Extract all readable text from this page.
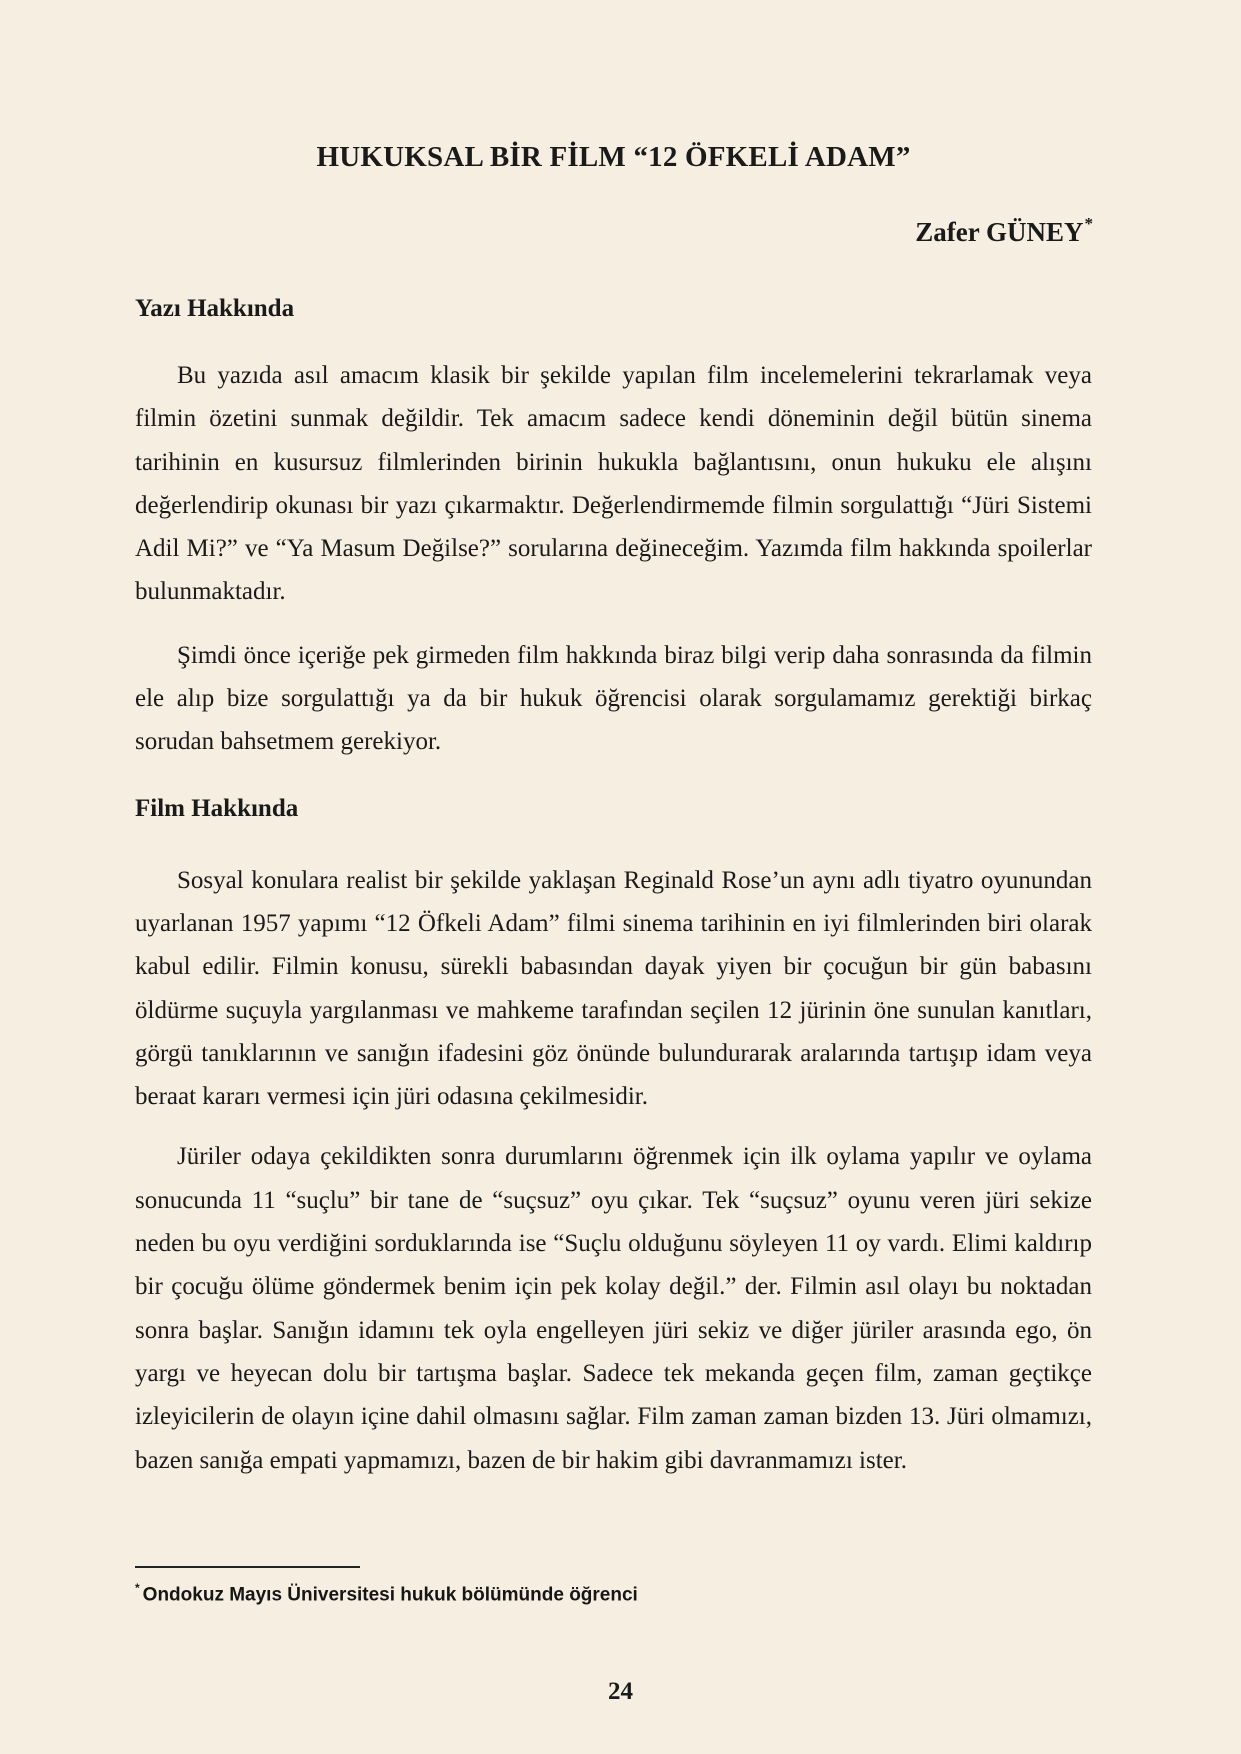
HUKUKSAL BİR FİLM “12 ÖFKELİ ADAM”
Zafer GÜNEY*
Yazı Hakkında

Bu yazıda asıl amacım klasik bir şekilde yapılan film incelemelerini tekrarlamak veya filmin özetini sunmak değildir. Tek amacım sadece kendi döneminin değil bütün sinema tarihinin en kusursuz filmlerinden birinin hukukla bağlantısını, onun hukuku ele alışını değerlendirip okunası bir yazı çıkarmaktır. Değerlendirmemde filmin sorgulattığı “Jüri Sistemi Adil Mi?” ve “Ya Masum Değilse?” sorularına değineceğim. Yazımda film hakkında spoilerlar bulunmaktadır.

Şimdi önce içeriğe pek girmeden film hakkında biraz bilgi verip daha sonrasında da filmin ele alıp bize sorgulattığı ya da bir hukuk öğrencisi olarak sorgulamamız gerektiği birkaç sorudan bahsetmem gerekiyor.

Film Hakkında

Sosyal konulara realist bir şekilde yaklaşan Reginald Rose’un aynı adlı tiyatro oyunundan uyarlanan 1957 yapımı “12 Öfkeli Adam” filmi sinema tarihinin en iyi filmlerinden biri olarak kabul edilir. Filmin konusu, sürekli babasından dayak yiyen bir çocuğun bir gün babasını öldürme suçuyla yargılanması ve mahkeme tarafından seçilen 12 jürinin öne sunulan kanıtları, görgü tanıklarının ve sanığın ifadesini göz önünde bulundurarak aralarında tartışıp idam veya beraat kararı vermesi için jüri odasına çekilmesidir.

Jüriler odaya çekildikten sonra durumlarını öğrenmek için ilk oylama yapılır ve oylama sonucunda 11 “suçlu” bir tane de “suçsuz” oyu çıkar. Tek “suçsuz” oyunu veren jüri sekize neden bu oyu verdiğini sorduklarında ise “Suçlu olduğunu söyleyen 11 oy vardı. Elimi kaldırıp bir çocuğu ölüme göndermek benim için pek kolay değil.” der. Filmin asıl olayı bu noktadan sonra başlar. Sanığın idamını tek oyla engelleyen jüri sekiz ve diğer jüriler arasında ego, ön yargı ve heyecan dolu bir tartışma başlar. Sadece tek mekanda geçen film, zaman geçtikçe izleyicilerin de olayın içine dahil olmasını sağlar. Film zaman zaman bizden 13. Jüri olmamızı, bazen sanığa empati yapmamızı, bazen de bir hakim gibi davranmamızı ister.

* Ondokuz Mayıs Üniversitesi hukuk bölümünde öğrenci
24
